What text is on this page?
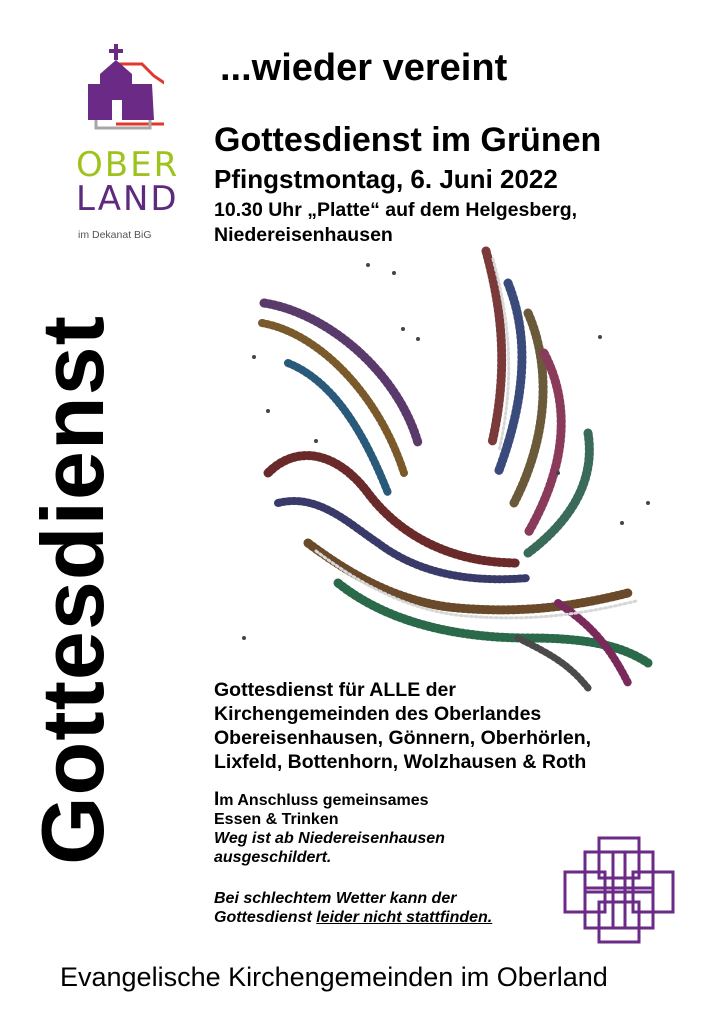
OBER
LAND
im Dekanat BiG
Gottesdienst
...wieder vereint
Gottesdienst im Grünen
Pfingstmontag, 6. Juni 2022
10.30 Uhr „Platte“ auf dem Helgesberg,
Niedereisenhausen
Gottesdienst für ALLE der
Kirchengemeinden des Oberlandes
Obereisenhausen, Gönnern, Oberhörlen,
Lixfeld, Bottenhorn, Wolzhausen & Roth
Im Anschluss gemeinsames
Essen & Trinken
Weg ist ab Niedereisenhausen
ausgeschildert.
Bei schlechtem Wetter kann der
Gottesdienst leider nicht stattfinden.
Evangelische Kirchengemeinden im Oberland
